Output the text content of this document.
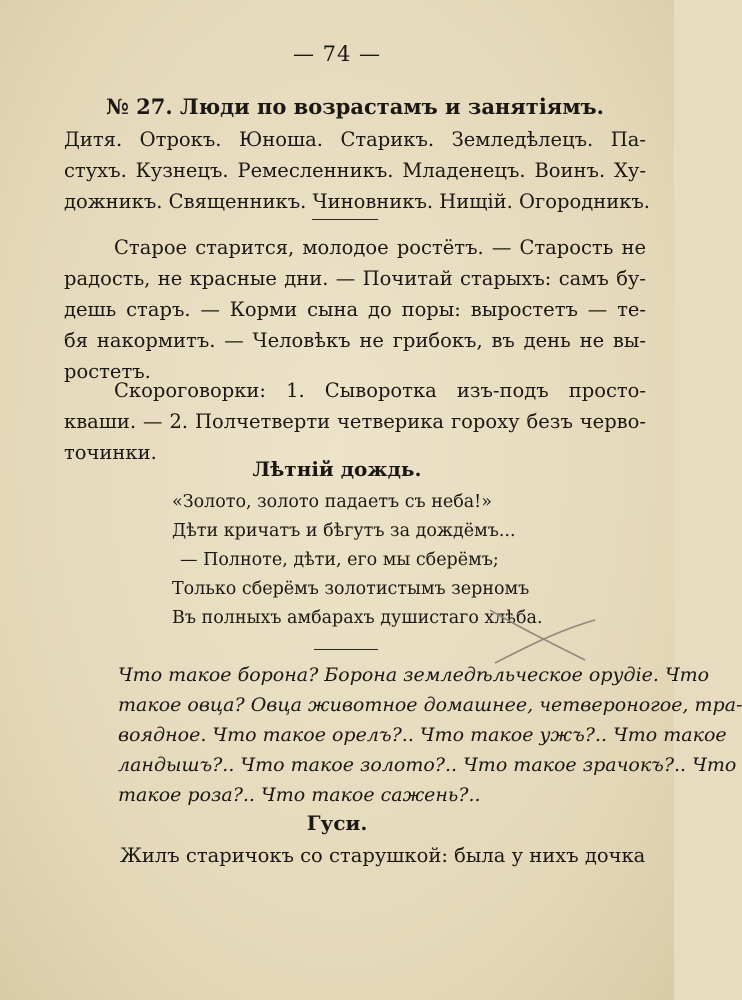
— 74 —
№ 27. Люди по возрастамъ и занятіямъ.
Дитя. Отрокъ. Юноша. Старикъ. Земледѣлецъ. Па-
стухъ. Кузнецъ. Ремесленникъ. Младенецъ. Воинъ. Ху-
дожникъ. Священникъ. Чиновникъ. Нищій. Огородникъ.
Старое старится, молодое ростётъ. — Старость не
радость, не красные дни. — Почитай старыхъ: самъ бу-
дешь старъ. — Корми сына до поры: выростетъ — те-
бя накормитъ. — Человѣкъ не грибокъ, въ день не вы-
ростетъ.
Скороговорки: 1. Сыворотка изъ-подъ просто-
кваши. — 2. Полчетверти четверика гороху безъ черво-
точинки.
Лѣтній дождь.
«Золото, золото падаетъ съ неба!»
Дѣти кричатъ и бѣгутъ за дождёмъ...
— Полноте, дѣти, его мы сберёмъ;
Только сберёмъ золотистымъ зерномъ
Въ полныхъ амбарахъ душистаго хлѣба.
Что такое борона? Борона земледѣльческое орудіе. Что
такое овца? Овца животное домашнее, четвероногое, тра-
воядное. Что такое орелъ?.. Что такое ужъ?.. Что такое
ландышъ?.. Что такое золото?.. Что такое зрачокъ?.. Что
такое роза?.. Что такое сажень?..
Гуси.
Жилъ старичокъ со старушкой: была у нихъ дочка
